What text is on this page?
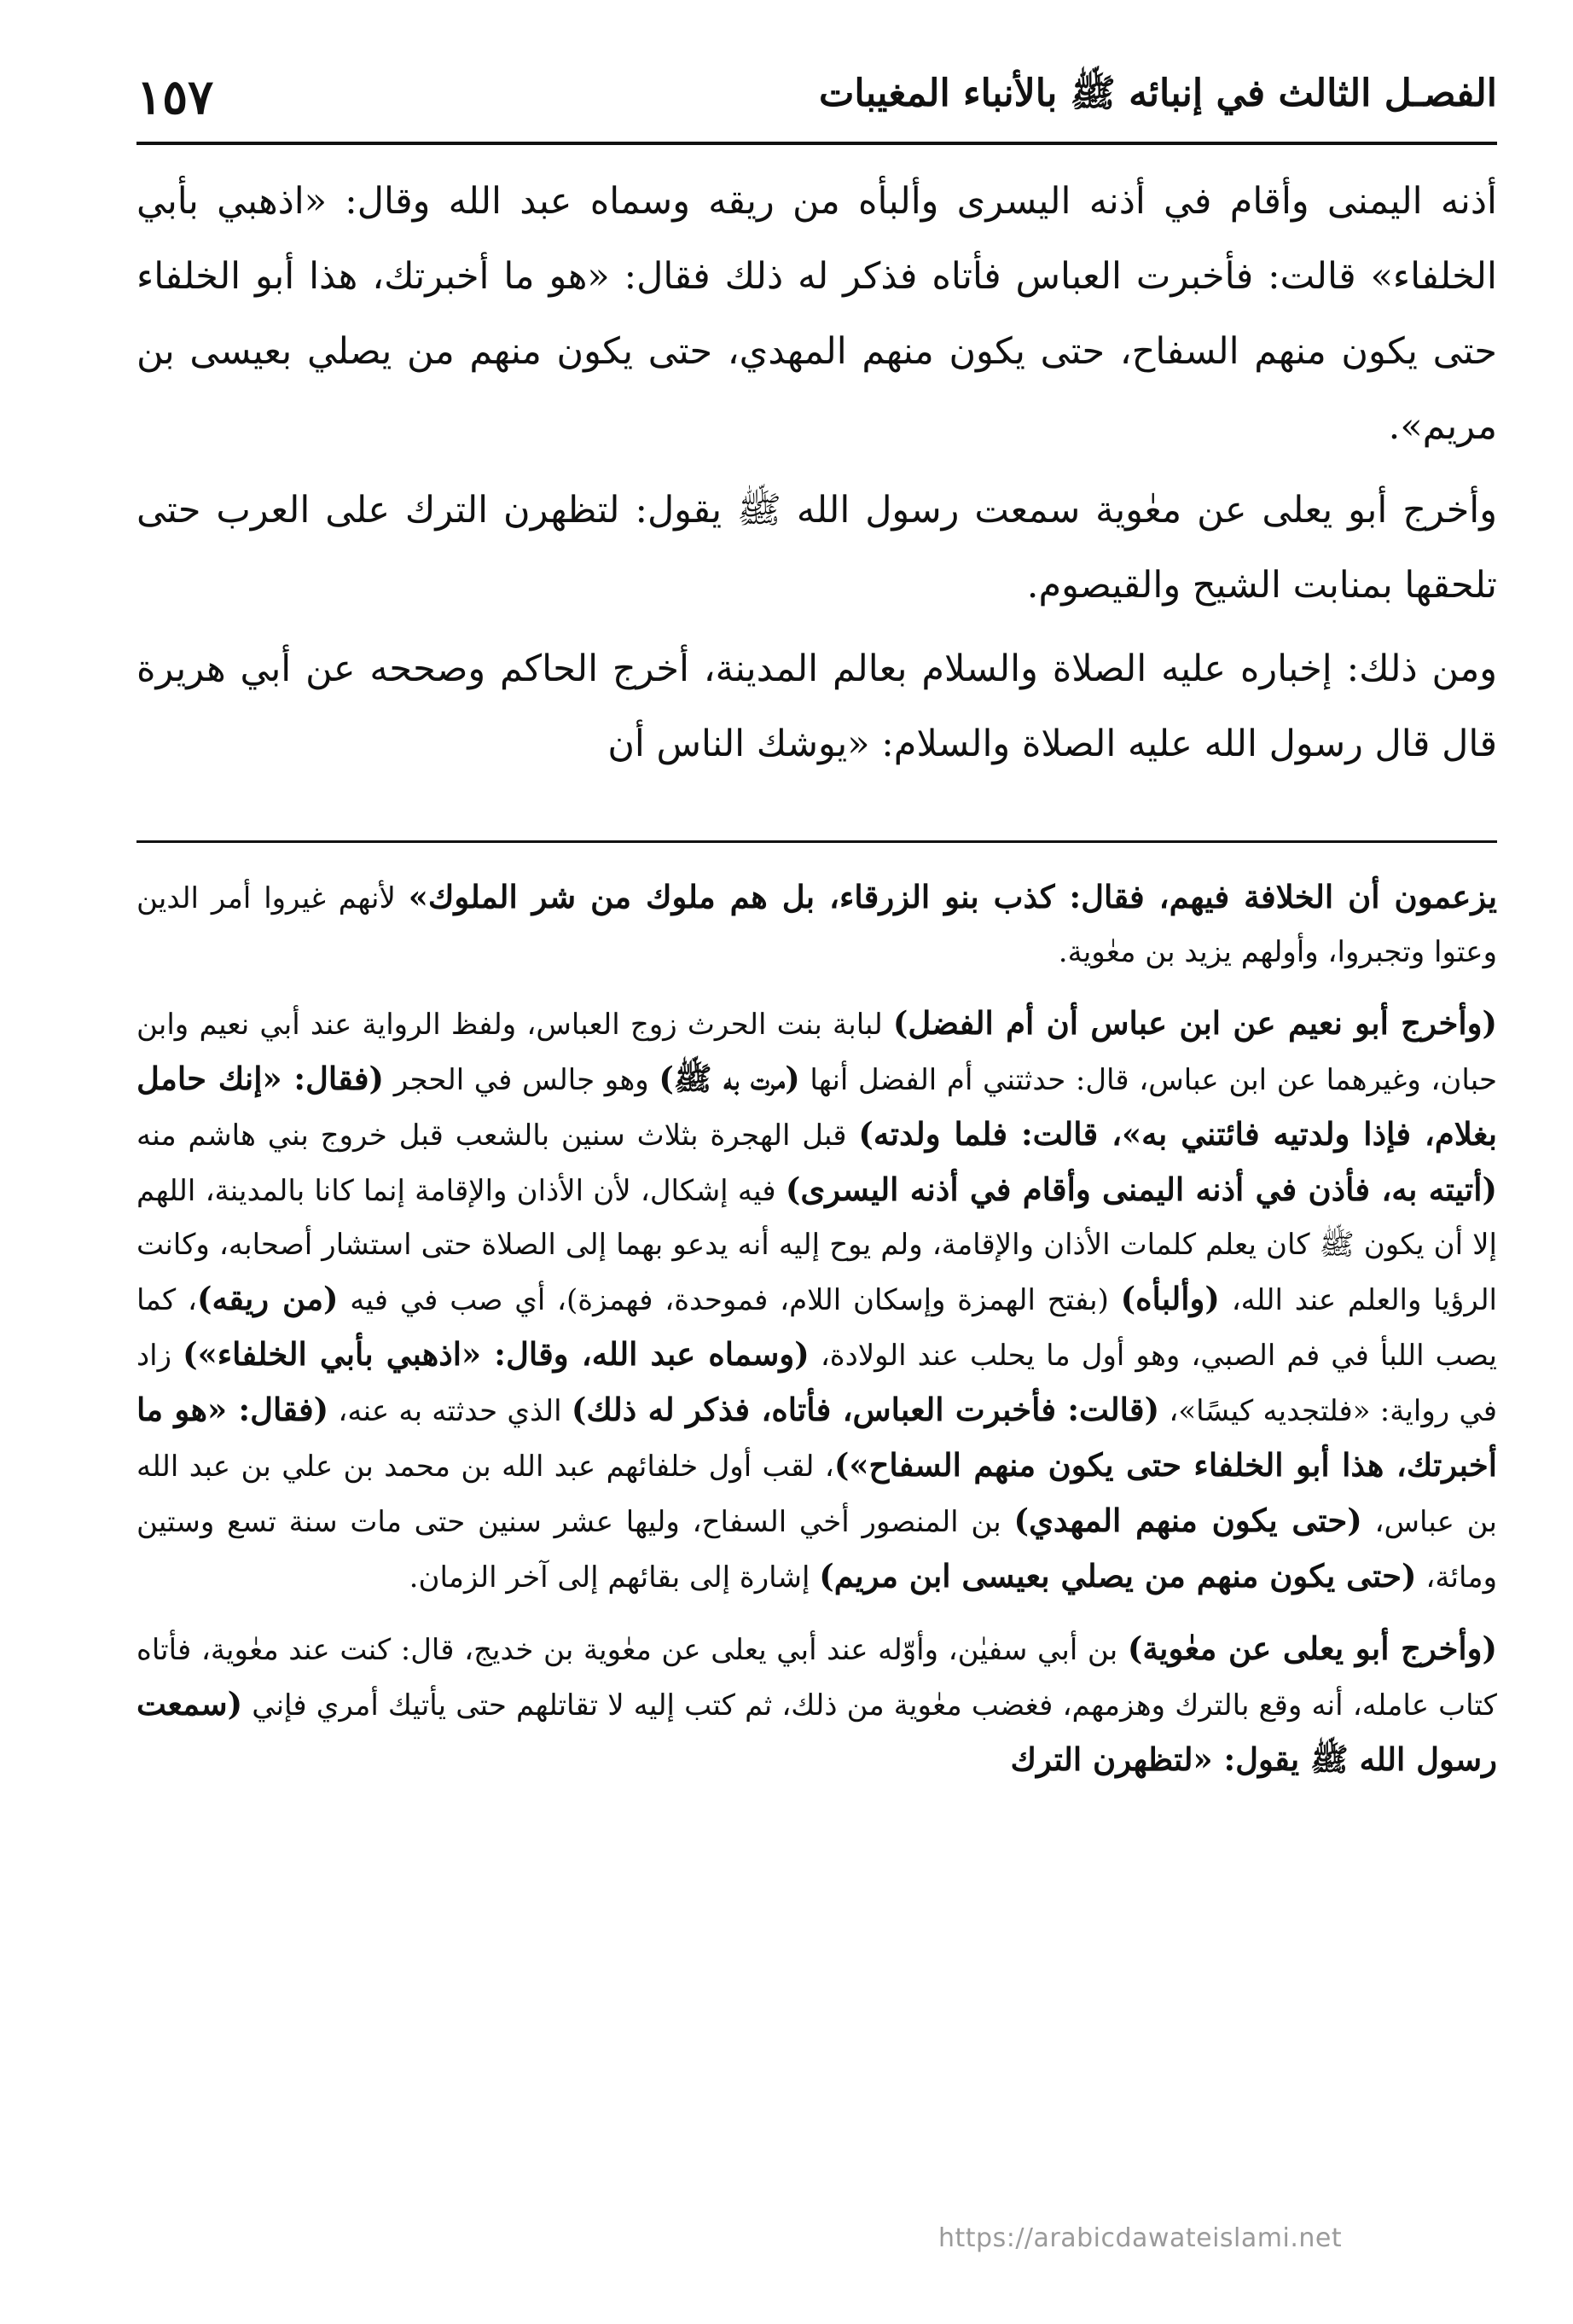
الفصـل الثالث في إنبائه ﷺ بالأنباء المغيبات
١٥٧

أذنه اليمنى وأقام في أذنه اليسرى وألبأه من ريقه وسماه عبد الله وقال: «اذهبي بأبي الخلفاء» قالت: فأخبرت العباس فأتاه فذكر له ذلك فقال: «هو ما أخبرتك، هذا أبو الخلفاء حتى يكون منهم السفاح، حتى يكون منهم المهدي، حتى يكون منهم من يصلي بعيسى بن مريم».

وأخرج أبو يعلى عن معٰوية سمعت رسول الله ﷺ يقول: لتظهرن الترك على العرب حتى تلحقها بمنابت الشيح والقيصوم.

ومن ذلك: إخباره عليه الصلاة والسلام بعالم المدينة، أخرج الحاكم وصححه عن أبي هريرة قال قال رسول الله عليه الصلاة والسلام: «يوشك الناس أن

يزعمون أن الخلافة فيهم، فقال: كذب بنو الزرقاء، بل هم ملوك من شر الملوك» لأنهم غيروا أمر الدين وعتوا وتجبروا، وأولهم يزيد بن معٰوية.

(وأخرج أبو نعيم عن ابن عباس أن أم الفضل) لبابة بنت الحرث زوج العباس، ولفظ الرواية عند أبي نعيم وابن حبان، وغيرهما عن ابن عباس، قال: حدثتني أم الفضل أنها (مرت به ﷺ) وهو جالس في الحجر (فقال: «إنك حامل بغلام، فإذا ولدتيه فائتني به»، قالت: فلما ولدته) قبل الهجرة بثلاث سنين بالشعب قبل خروج بني هاشم منه (أتيته به، فأذن في أذنه اليمنى وأقام في أذنه اليسرى) فيه إشكال، لأن الأذان والإقامة إنما كانا بالمدينة، اللهم إلا أن يكون ﷺ كان يعلم كلمات الأذان والإقامة، ولم يوح إليه أنه يدعو بهما إلى الصلاة حتى استشار أصحابه، وكانت الرؤيا والعلم عند الله، (وألبأه) (بفتح الهمزة وإسكان اللام، فموحدة، فهمزة)، أي صب في فيه (من ريقه)، كما يصب اللبأ في فم الصبي، وهو أول ما يحلب عند الولادة، (وسماه عبد الله، وقال: «اذهبي بأبي الخلفاء») زاد في رواية: «فلتجديه كيسًا»، (قالت: فأخبرت العباس، فأتاه، فذكر له ذلك) الذي حدثته به عنه، (فقال: «هو ما أخبرتك، هذا أبو الخلفاء حتى يكون منهم السفاح»)، لقب أول خلفائهم عبد الله بن محمد بن علي بن عبد الله بن عباس، (حتى يكون منهم المهدي) بن المنصور أخي السفاح، وليها عشر سنين حتى مات سنة تسع وستين ومائة، (حتى يكون منهم من يصلي بعيسى ابن مريم) إشارة إلى بقائهم إلى آخر الزمان.

(وأخرج أبو يعلى عن معٰوية) بن أبي سفيٰن، وأوّله عند أبي يعلى عن معٰوية بن خديج، قال: كنت عند معٰوية، فأتاه كتاب عامله، أنه وقع بالترك وهزمهم، فغضب معٰوية من ذلك، ثم كتب إليه لا تقاتلهم حتى يأتيك أمري فإني (سمعت رسول الله ﷺ يقول: «لتظهرن الترك

https://arabicdawateislami.net
